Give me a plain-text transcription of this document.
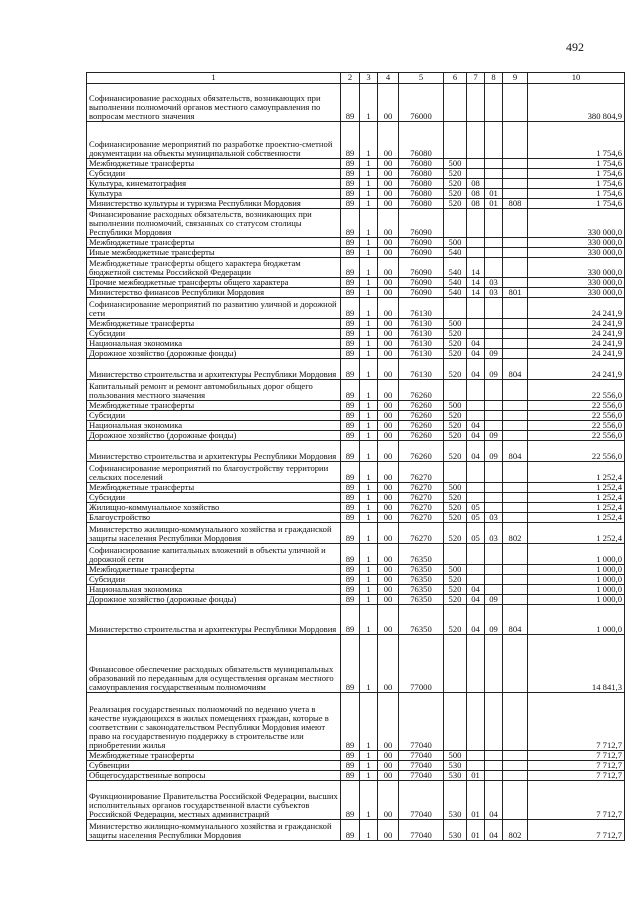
492
1	2	3	4	5	6	7	8	9	10
Софинансирование расходных обязательств, возникающих при выполнении полномочий органов местного самоуправления по вопросам местного значения	89	1	00	76000					380 804,9
Софинансирование мероприятий по разработке проектно-сметной документации на объекты муниципальной собственности	89	1	00	76080					1 754,6
Межбюджетные трансферты	89	1	00	76080	500				1 754,6
Субсидии	89	1	00	76080	520				1 754,6
Культура, кинематография	89	1	00	76080	520	08			1 754,6
Культура	89	1	00	76080	520	08	01		1 754,6
Министерство культуры и туризма Республики Мордовия	89	1	00	76080	520	08	01	808	1 754,6
Финансирование расходных обязательств, возникающих при выполнении полномочий, связанных со статусом столицы Республики Мордовия	89	1	00	76090					330 000,0
Межбюджетные трансферты	89	1	00	76090	500				330 000,0
Иные межбюджетные трансферты	89	1	00	76090	540				330 000,0
Межбюджетные трансферты общего характера бюджетам бюджетной системы Российской Федерации	89	1	00	76090	540	14			330 000,0
Прочие межбюджетные трансферты общего характера	89	1	00	76090	540	14	03		330 000,0
Министерство финансов Республики Мордовия	89	1	00	76090	540	14	03	801	330 000,0
Софинансирование мероприятий по развитию уличной и дорожной сети	89	1	00	76130					24 241,9
Межбюджетные трансферты	89	1	00	76130	500				24 241,9
Субсидии	89	1	00	76130	520				24 241,9
Национальная экономика	89	1	00	76130	520	04			24 241,9
Дорожное хозяйство (дорожные фонды)	89	1	00	76130	520	04	09		24 241,9
Министерство строительства и архитектуры Республики Мордовия	89	1	00	76130	520	04	09	804	24 241,9
Капитальный ремонт и ремонт автомобильных дорог общего пользования местного значения	89	1	00	76260					22 556,0
Межбюджетные трансферты	89	1	00	76260	500				22 556,0
Субсидии	89	1	00	76260	520				22 556,0
Национальная экономика	89	1	00	76260	520	04			22 556,0
Дорожное хозяйство (дорожные фонды)	89	1	00	76260	520	04	09		22 556,0
Министерство строительства и архитектуры Республики Мордовия	89	1	00	76260	520	04	09	804	22 556,0
Софинансирование мероприятий по благоустройству территории сельских поселений	89	1	00	76270					1 252,4
Межбюджетные трансферты	89	1	00	76270	500				1 252,4
Субсидии	89	1	00	76270	520				1 252,4
Жилищно-коммунальное хозяйство	89	1	00	76270	520	05			1 252,4
Благоустройство	89	1	00	76270	520	05	03		1 252,4
Министерство жилищно-коммунального хозяйства и гражданской защиты населения Республики Мордовия	89	1	00	76270	520	05	03	802	1 252,4
Софинансирование капитальных вложений в объекты уличной и дорожной сети	89	1	00	76350					1 000,0
Межбюджетные трансферты	89	1	00	76350	500				1 000,0
Субсидии	89	1	00	76350	520				1 000,0
Национальная экономика	89	1	00	76350	520	04			1 000,0
Дорожное хозяйство (дорожные фонды)	89	1	00	76350	520	04	09		1 000,0
Министерство строительства и архитектуры Республики Мордовия	89	1	00	76350	520	04	09	804	1 000,0
Финансовое обеспечение расходных обязательств муниципальных образований по переданным для осуществления органам местного самоуправления государственным полномочиям	89	1	00	77000					14 841,3
Реализация государственных полномочий по ведению учета в качестве нуждающихся в жилых помещениях граждан, которые в соответствии с законодательством Республики Мордовия имеют право на государственную поддержку в строительстве или приобретении жилья	89	1	00	77040					7 712,7
Межбюджетные трансферты	89	1	00	77040	500				7 712,7
Субвенции	89	1	00	77040	530				7 712,7
Общегосударственные вопросы	89	1	00	77040	530	01			7 712,7
Функционирование Правительства Российской Федерации, высших исполнительных органов государственной власти субъектов Российской Федерации, местных администраций	89	1	00	77040	530	01	04		7 712,7
Министерство жилищно-коммунального хозяйства и гражданской защиты населения Республики Мордовия	89	1	00	77040	530	01	04	802	7 712,7
